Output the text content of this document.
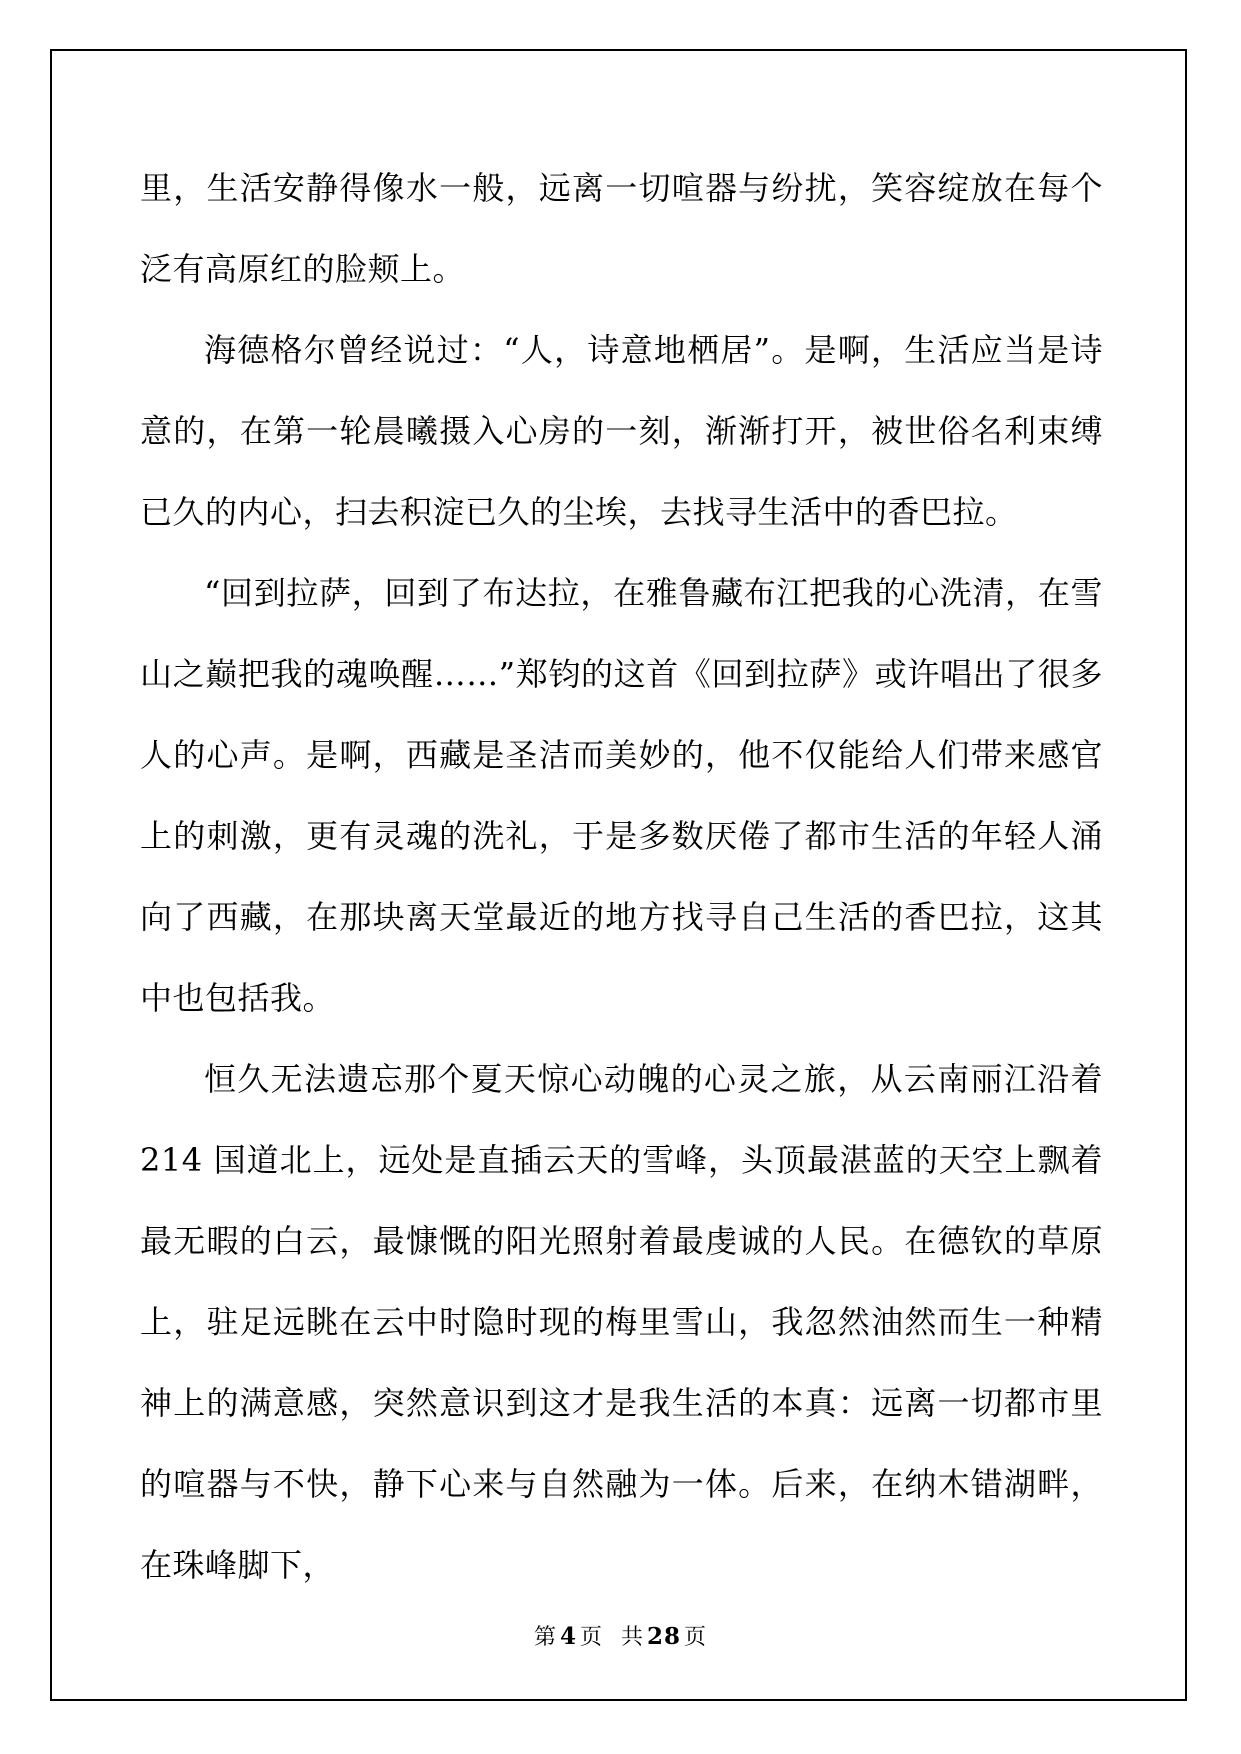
里，生活安静得像水一般，远离一切喧器与纷扰，笑容绽放在每个泛有高原红的脸颊上。

海德格尔曾经说过：“人，诗意地栖居”。是啊，生活应当是诗意的，在第一轮晨曦摄入心房的一刻，渐渐打开，被世俗名利束缚已久的内心，扫去积淀已久的尘埃，去找寻生活中的香巴拉。

“回到拉萨，回到了布达拉，在雅鲁藏布江把我的心洗清，在雪山之巅把我的魂唤醒……”郑钧的这首《回到拉萨》或许唱出了很多人的心声。是啊，西藏是圣洁而美妙的，他不仅能给人们带来感官上的刺激，更有灵魂的洗礼，于是多数厌倦了都市生活的年轻人涌向了西藏，在那块离天堂最近的地方找寻自己生活的香巴拉，这其中也包括我。

恒久无法遗忘那个夏天惊心动魄的心灵之旅，从云南丽江沿着214 国道北上，远处是直插云天的雪峰，头顶最湛蓝的天空上飘着最无暇的白云，最慷慨的阳光照射着最虔诚的人民。在德钦的草原上，驻足远眺在云中时隐时现的梅里雪山，我忽然油然而生一种精神上的满意感，突然意识到这才是我生活的本真：远离一切都市里的喧器与不快，静下心来与自然融为一体。后来，在纳木错湖畔，在珠峰脚下，

第 4 页 共 28 页
